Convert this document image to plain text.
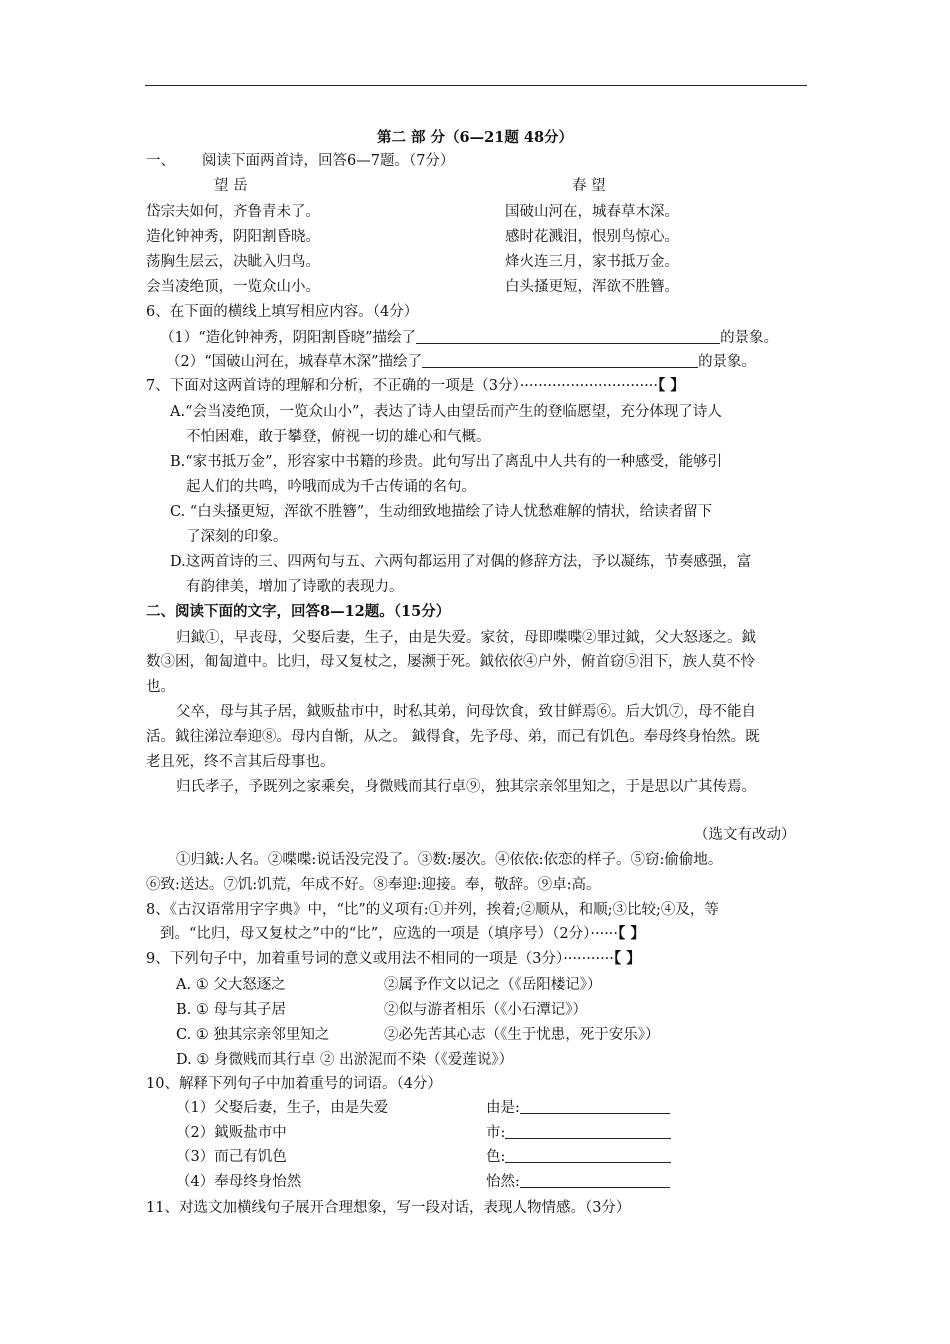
第二 部 分（6—21题 48分）
一、 阅读下面两首诗，回答6—7题。（7分）
望 岳	春 望
岱宗夫如何，齐鲁青未了。
造化钟神秀，阴阳割昏晓。
荡胸生层云，决眦入归鸟。
会当凌绝顶，一览众山小。
国破山河在，城春草木深。
感时花溅泪，恨别鸟惊心。
烽火连三月，家书抵万金。
白头搔更短，浑欲不胜簪。
6、在下面的横线上填写相应内容。（4分）
（1）“造化钟神秀，阴阳割昏晓”描绘了	的景象。
（2）“国破山河在，城春草木深”描绘了	的景象。
7、下面对这两首诗的理解和分析，不正确的一项是（3分）······························【 】
A.“会当凌绝顶，一览众山小”，表达了诗人由望岳而产生的登临愿望，充分体现了诗人
不怕困难，敢于攀登，俯视一切的雄心和气概。
B.“家书抵万金”，形容家中书籍的珍贵。此句写出了离乱中人共有的一种感受，能够引
起人们的共鸣，吟哦而成为千古传诵的名句。
C. “白头搔更短，浑欲不胜簪”，生动细致地描绘了诗人忧愁难解的情状，给读者留下
了深刻的印象。
D.这两首诗的三、四两句与五、六两句都运用了对偶的修辞方法，予以凝练，节奏感强，富
有韵律美，增加了诗歌的表现力。
二、阅读下面的文字，回答8—12题。（15分）
归鉞①，早丧母，父娶后妻，生子，由是失爱。家贫，母即喋喋②罪过鉞，父大怒逐之。鉞
数③困，匍匐道中。比归，母又复杖之，屡濒于死。鉞依依④户外，俯首窃⑤泪下，族人莫不怜
也。
父卒，母与其子居，鉞贩盐市中，时私其弟，问母饮食，致甘鲜焉⑥。后大饥⑦，母不能自
活。鉞往涕泣奉迎⑧。母内自惭，从之。 鉞得食，先予母、弟，而己有饥色。奉母终身怡然。既
老且死，终不言其后母事也。
归氏孝子，予既列之家乘矣，身微贱而其行卓⑨，独其宗亲邻里知之，于是思以广其传焉。
（选文有改动）
①归鉞:人名。②喋喋:说话没完没了。③数:屡次。④依依:依恋的样子。⑤窃:偷偷地。
⑥致:送达。⑦饥:饥荒，年成不好。⑧奉迎:迎接。奉，敬辞。⑨卓:高。
8、《古汉语常用字字典》中，“比”的义项有:①并列，挨着;②顺从，和顺;③比较;④及，等
到。“比归，母又复杖之”中的“比”，应选的一项是（填序号）（2分）······【 】
9、下列句子中，加着重号词的意义或用法不相同的一项是（3分）···········【 】
A. ① 父大怒逐之	②属予作文以记之（《岳阳楼记》）
B. ① 母与其子居	②似与游者相乐（《小石潭记》）
C. ① 独其宗亲邻里知之	②必先苦其心志（《生于忧患，死于安乐》）
D. ① 身微贱而其行卓 ② 出淤泥而不染（《爱莲说》）
10、解释下列句子中加着重号的词语。（4分）
（1）父娶后妻，生子，由是失爱	由是:
（2）鉞贩盐市中	市:
（3）而己有饥色	色:
（4）奉母终身怡然	怡然:
11、对选文加横线句子展开合理想象，写一段对话，表现人物情感。（3分）
